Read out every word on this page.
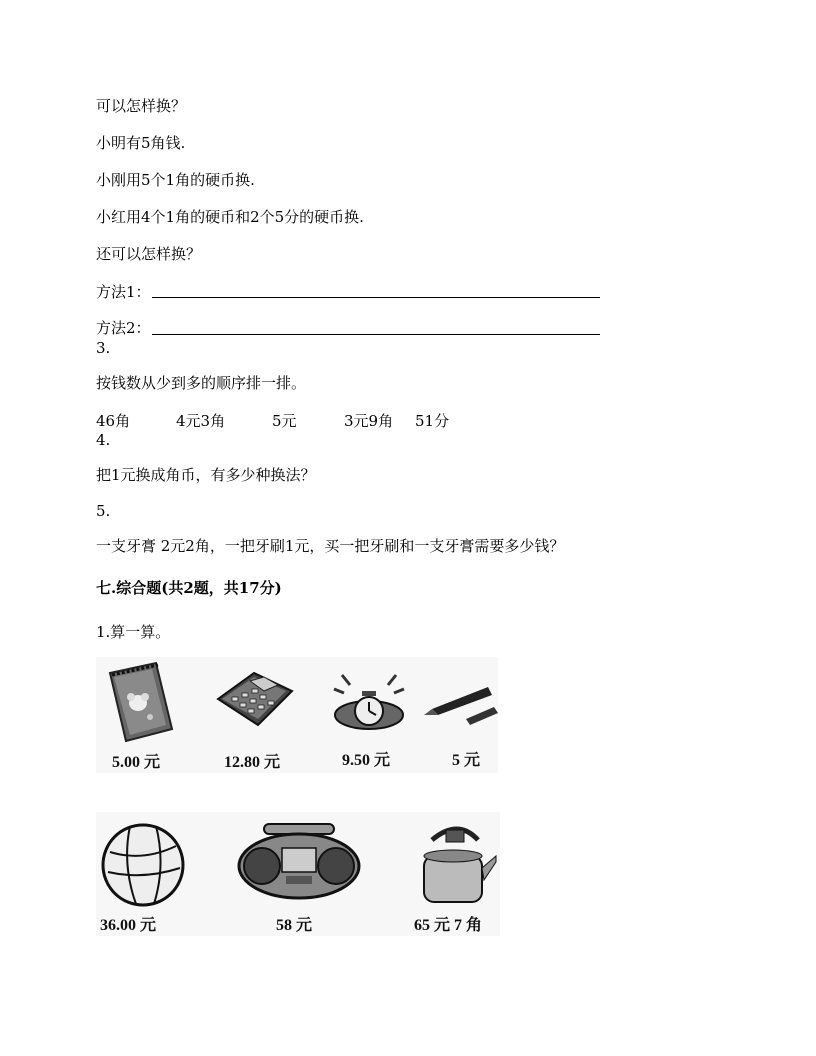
可以怎样换？
小明有5角钱.
小刚用5个1角的硬币换.
小红用4个1角的硬币和2个5分的硬币换.
还可以怎样换？
方法1：
方法2：
3.
按钱数从少到多的顺序排一排。
46角	4元3角	5元	3元9角 51分
4.
把1元换成角币，有多少种换法？
5.
一支牙膏 2元2角，一把牙刷1元，买一把牙刷和一支牙膏需要多少钱？
七.综合题(共2题，共17分)
1.算一算。
5.00 元	12.80 元	9.50 元	5 元
36.00 元	58 元	65 元 7 角
